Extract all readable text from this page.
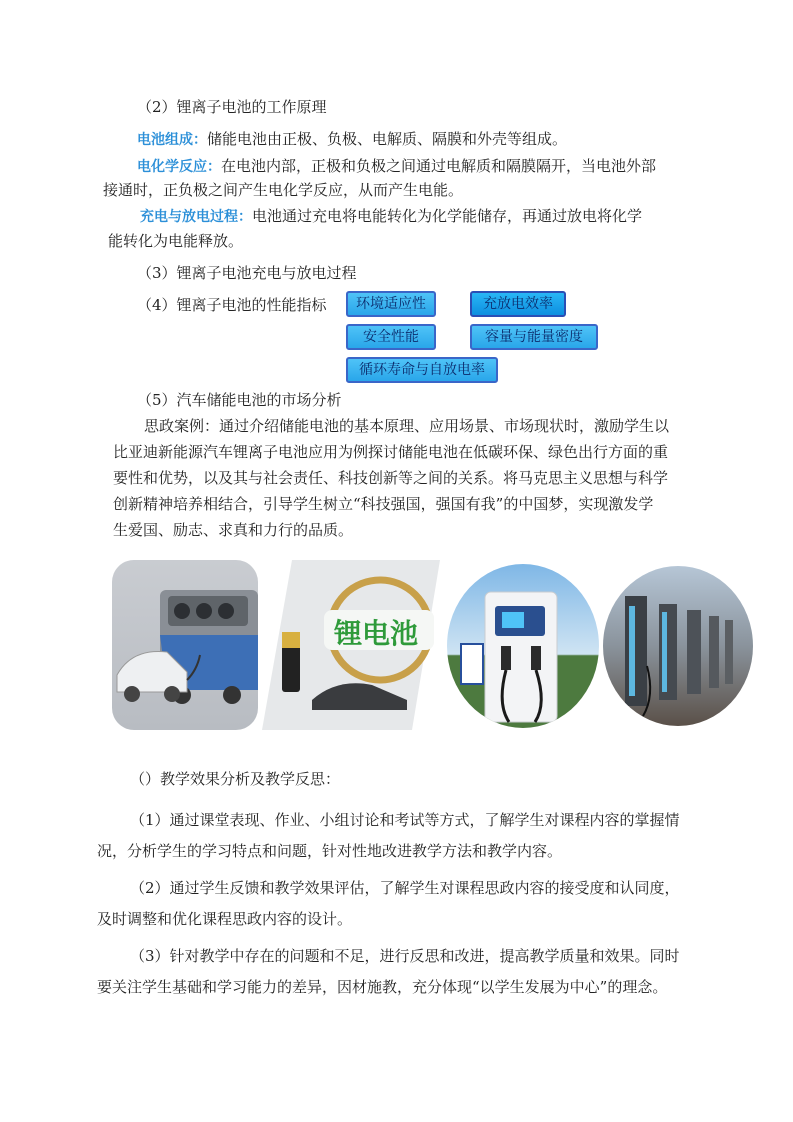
（2）锂离子电池的工作原理
电池组成：储能电池由正极、负极、电解质、隔膜和外壳等组成。
电化学反应：在电池内部，正极和负极之间通过电解质和隔膜隔开，当电池外部
接通时，正负极之间产生电化学反应，从而产生电能。
充电与放电过程：电池通过充电将电能转化为化学能储存，再通过放电将化学
能转化为电能释放。
（3）锂离子电池充电与放电过程
（4）锂离子电池的性能指标	环境适应性	充放电效率
安全性能	容量与能量密度
循环寿命与自放电率
（5）汽车储能电池的市场分析
思政案例：通过介绍储能电池的基本原理、应用场景、市场现状时，激励学生以
比亚迪新能源汽车锂离子电池应用为例探讨储能电池在低碳环保、绿色出行方面的重
要性和优势，以及其与社会责任、科技创新等之间的关系。将马克思主义思想与科学
创新精神培养相结合，引导学生树立“科技强国，强国有我”的中国梦，实现激发学
生爱国、励志、求真和力行的品质。
锂电池
（）教学效果分析及教学反思：
（1）通过课堂表现、作业、小组讨论和考试等方式，了解学生对课程内容的掌握情
况，分析学生的学习特点和问题，针对性地改进教学方法和教学内容。
（2）通过学生反馈和教学效果评估，了解学生对课程思政内容的接受度和认同度，
及时调整和优化课程思政内容的设计。
（3）针对教学中存在的问题和不足，进行反思和改进，提高教学质量和效果。同时
要关注学生基础和学习能力的差异，因材施教，充分体现“以学生发展为中心”的理念。
